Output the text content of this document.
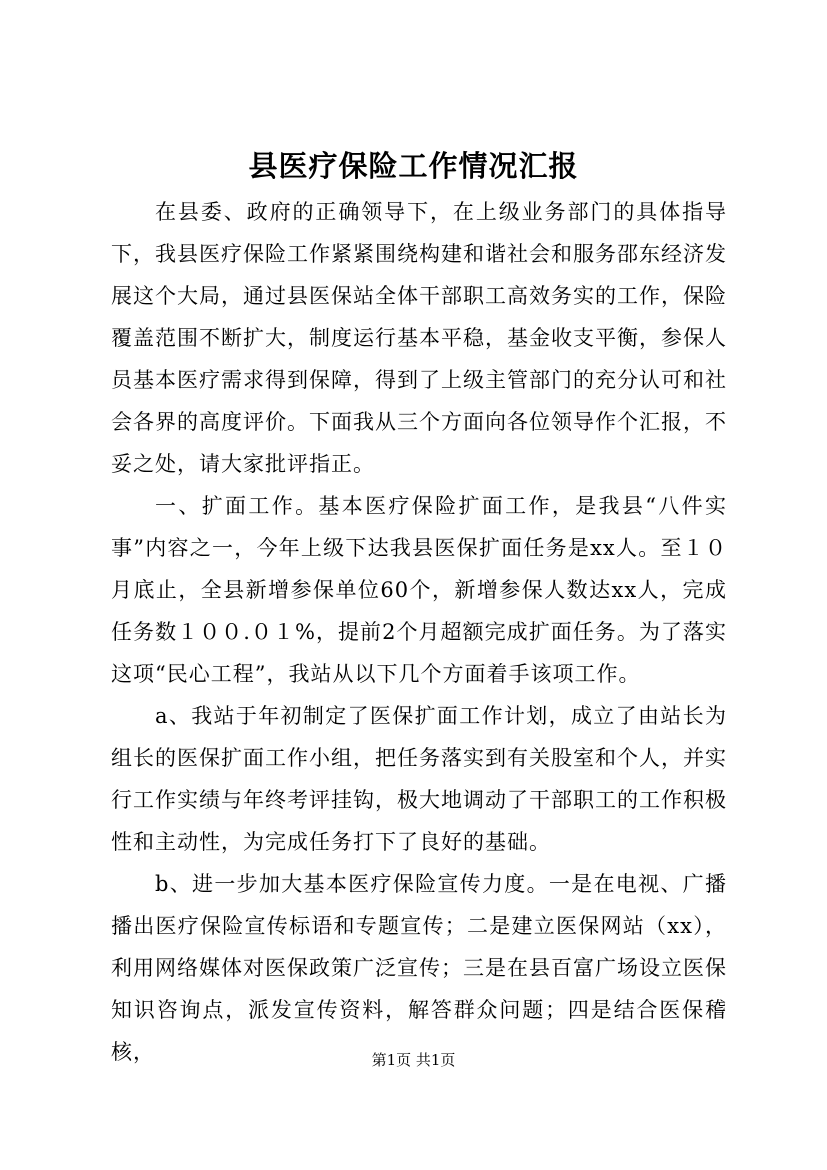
县医疗保险工作情况汇报

在县委、政府的正确领导下，在上级业务部门的具体指导下，我县医疗保险工作紧紧围绕构建和谐社会和服务邵东经济发展这个大局，通过县医保站全体干部职工高效务实的工作，保险覆盖范围不断扩大，制度运行基本平稳，基金收支平衡，参保人员基本医疗需求得到保障，得到了上级主管部门的充分认可和社会各界的高度评价。下面我从三个方面向各位领导作个汇报，不妥之处，请大家批评指正。

一、扩面工作。基本医疗保险扩面工作，是我县“八件实事”内容之一，今年上级下达我县医保扩面任务是xx人。至１０月底止，全县新增参保单位60个，新增参保人数达xx人，完成任务数１００.０１%，提前2个月超额完成扩面任务。为了落实这项“民心工程”，我站从以下几个方面着手该项工作。

a、我站于年初制定了医保扩面工作计划，成立了由站长为组长的医保扩面工作小组，把任务落实到有关股室和个人，并实行工作实绩与年终考评挂钩，极大地调动了干部职工的工作积极性和主动性，为完成任务打下了良好的基础。

b、进一步加大基本医疗保险宣传力度。一是在电视、广播播出医疗保险宣传标语和专题宣传；二是建立医保网站（xx），利用网络媒体对医保政策广泛宣传；三是在县百富广场设立医保知识咨询点，派发宣传资料，解答群众问题；四是结合医保稽核，	第1页 共1页
